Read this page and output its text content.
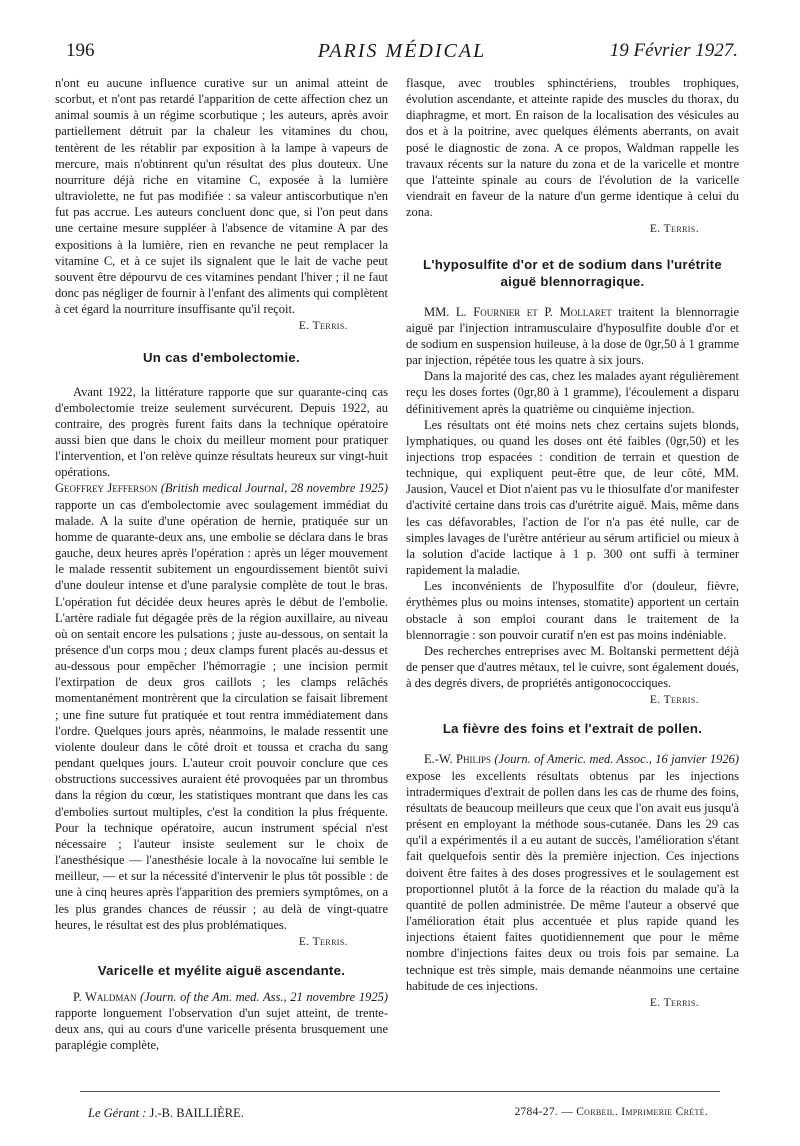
196	PARIS MÉDICAL	19 Février 1927.

n'ont eu aucune influence curative sur un animal atteint de scorbut, et n'ont pas retardé l'apparition de cette affection chez un animal soumis à un régime scorbutique ; les auteurs, après avoir partiellement détruit par la chaleur les vitamines du chou, tentèrent de les rétablir par exposition à la lampe à vapeurs de mercure, mais n'obtinrent qu'un résultat des plus douteux. Une nourriture déjà riche en vitamine C, exposée à la lumière ultraviolette, ne fut pas modifiée : sa valeur antiscorbutique n'en fut pas accrue. Les auteurs concluent donc que, si l'on peut dans une certaine mesure suppléer à l'absence de vitamine A par des expositions à la lumière, rien en revanche ne peut remplacer la vitamine C, et à ce sujet ils signalent que le lait de vache peut souvent être dépourvu de ces vitamines pendant l'hiver ; il ne faut donc pas négliger de fournir à l'enfant des aliments qui complètent à cet égard la nourriture insuffisante qu'il reçoit.

E. Terris.
Un cas d'embolectomie.

Avant 1922, la littérature rapporte que sur quarante-cinq cas d'embolectomie treize seulement survécurent. Depuis 1922, au contraire, des progrès furent faits dans la technique opératoire aussi bien que dans le choix du meilleur moment pour pratiquer l'intervention, et l'on relève quinze résultats heureux sur vingt-huit opérations.

Geoffrey Jefferson (British medical Journal, 28 novembre 1925) rapporte un cas d'embolectomie avec soulagement immédiat du malade. A la suite d'une opération de hernie, pratiquée sur un homme de quarante-deux ans, une embolie se déclara dans le bras gauche, deux heures après l'opération : après un léger mouvement le malade ressentit subitement un engourdissement bientôt suivi d'une douleur intense et d'une paralysie complète de tout le bras. L'opération fut décidée deux heures après le début de l'embolie. L'artère radiale fut dégagée près de la région auxillaire, au niveau où on sentait encore les pulsations ; juste au-dessous, on sentait la présence d'un corps mou ; deux clamps furent placés au-dessus et au-dessous pour empêcher l'hémorragie ; une incision permit l'extirpation de deux gros caillots ; les clamps relâchés momentanément montrèrent que la circulation se faisait librement ; une fine suture fut pratiquée et tout rentra immédiatement dans l'ordre. Quelques jours après, néanmoins, le malade ressentit une violente douleur dans le côté droit et toussa et cracha du sang pendant quelques jours. L'auteur croit pouvoir conclure que ces obstructions successives auraient été provoquées par un thrombus dans la région du cœur, les statistiques montrant que dans les cas d'embolies surtout multiples, c'est la condition la plus fréquente. Pour la technique opératoire, aucun instrument spécial n'est nécessaire ; l'auteur insiste seulement sur le choix de l'anesthésique — l'anesthésie locale à la novocaïne lui semble le meilleur, — et sur la nécessité d'intervenir le plus tôt possible : de une à cinq heures après l'apparition des premiers symptômes, on a les plus grandes chances de réussir ; au delà de vingt-quatre heures, le résultat est des plus problématiques.

E. Terris.
Varicelle et myélite aiguë ascendante.

P. Waldman (Journ. of the Am. med. Ass., 21 novembre 1925) rapporte longuement l'observation d'un sujet atteint, de trente-deux ans, qui au cours d'une varicelle présenta brusquement une paraplégie complète,

flasque, avec troubles sphinctériens, troubles trophiques, évolution ascendante, et atteinte rapide des muscles du thorax, du diaphragme, et mort. En raison de la localisation des vésicules au dos et à la poitrine, avec quelques éléments aberrants, on avait posé le diagnostic de zona. A ce propos, Waldman rappelle les travaux récents sur la nature du zona et de la varicelle et montre que l'atteinte spinale au cours de l'évolution de la varicelle viendrait en faveur de la nature d'un germe identique à celui du zona.

E. Terris.
L'hyposulfite d'or et de sodium dans l'urétrite aiguë blennorragique.

MM. L. Fournier et P. Mollaret traitent la blennorragie aiguë par l'injection intramusculaire d'hyposulfite double d'or et de sodium en suspension huileuse, à la dose de 0gr,50 à 1 gramme par injection, répétée tous les quatre à six jours.

Dans la majorité des cas, chez les malades ayant régulièrement reçu les doses fortes (0gr,80 à 1 gramme), l'écoulement a disparu définitivement après la quatrième ou cinquième injection.

Les résultats ont été moins nets chez certains sujets blonds, lymphatiques, ou quand les doses ont été faibles (0gr,50) et les injections trop espacées : condition de terrain et question de technique, qui expliquent peut-être que, de leur côté, MM. Jausion, Vaucel et Diot n'aient pas vu le thiosulfate d'or manifester d'activité certaine dans trois cas d'urétrite aiguë. Mais, même dans les cas défavorables, l'action de l'or n'a pas été nulle, car de simples lavages de l'urètre antérieur au sérum artificiel ou mieux à la solution d'acide lactique à 1 p. 300 ont suffi à terminer rapidement la maladie.

Les inconvénients de l'hyposulfite d'or (douleur, fièvre, érythèmes plus ou moins intenses, stomatite) apportent un certain obstacle à son emploi courant dans le traitement de la blennorragie : son pouvoir curatif n'en est pas moins indéniable.

Des recherches entreprises avec M. Boltanski permettent déjà de penser que d'autres métaux, tel le cuivre, sont également doués, à des degrés divers, de propriétés antigonococciques.

E. Terris.
La fièvre des foins et l'extrait de pollen.

E.-W. Philips (Journ. of Americ. med. Assoc., 16 janvier 1926) expose les excellents résultats obtenus par les injections intradermiques d'extrait de pollen dans les cas de rhume des foins, résultats de beaucoup meilleurs que ceux que l'on avait eus jusqu'à présent en employant la méthode sous-cutanée. Dans les 29 cas qu'il a expérimentés il a eu autant de succès, l'amélioration s'étant fait quelquefois sentir dès la première injection. Ces injections doivent être faites à des doses progressives et le soulagement est proportionnel plutôt à la force de la réaction du malade qu'à la quantité de pollen administrée. De même l'auteur a observé que l'amélioration était plus accentuée et plus rapide quand les injections étaient faites quotidiennement que pour le même nombre d'injections faites deux ou trois fois par semaine. La technique est très simple, mais demande néanmoins une certaine habitude de ces injections.

E. Terris.
Le Gérant : J.-B. BAILLIÈRE.	2784-27. — Corbeil. Imprimerie Crété.
